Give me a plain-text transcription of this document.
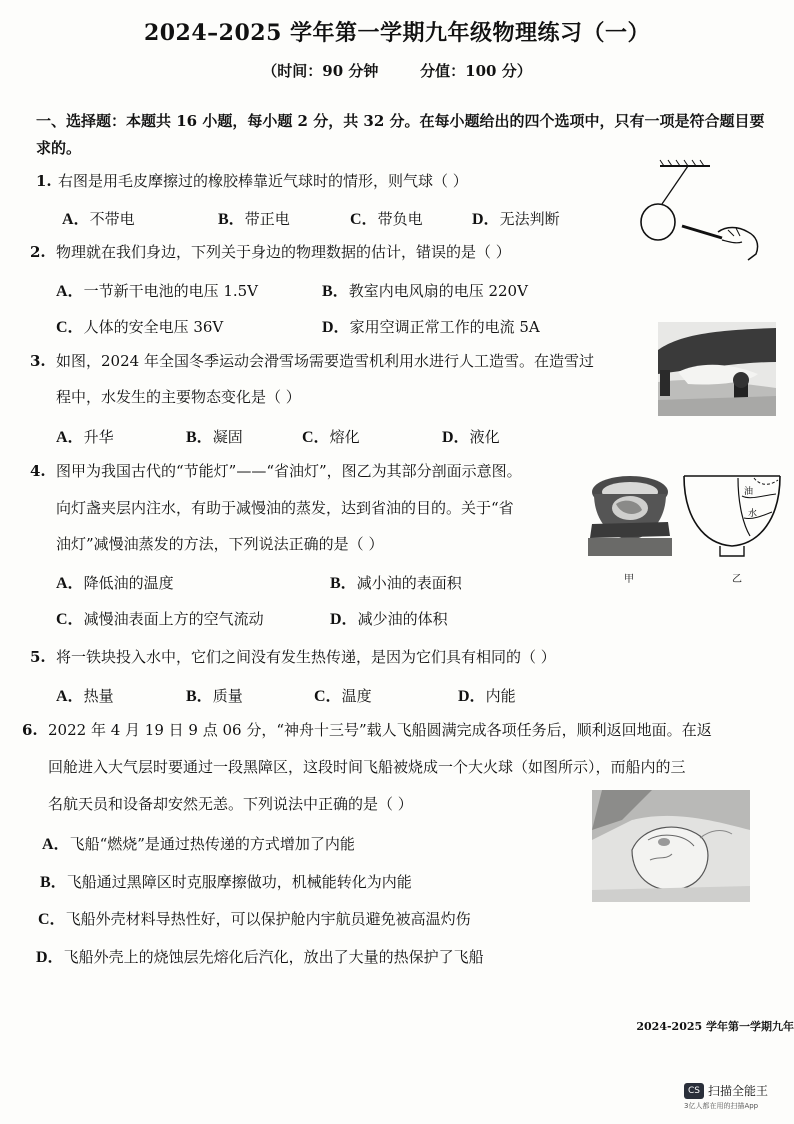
2024–2025 学年第一学期九年级物理练习（一）
（时间：90 分钟        分值：100 分）
一、选择题：本题共 16 小题，每小题 2 分，共 32 分。在每小题给出的四个选项中，只有一项是符合题目要求的。
1. 右图是用毛皮摩擦过的橡胶棒靠近气球时的情形，则气球（ ）
A．不带电	B．带正电	C．带负电	D．无法判断
2. 物理就在我们身边，下列关于身边的物理数据的估计，错误的是（ ）
A．一节新干电池的电压 1.5V	B．教室内电风扇的电压 220V
C．人体的安全电压 36V	D．家用空调正常工作的电流 5A
3. 如图，2024 年全国冬季运动会滑雪场需要造雪机利用水进行人工造雪。在造雪过
程中，水发生的主要物态变化是（ ）
A．升华	B．凝固	C．熔化	D．液化
4. 图甲为我国古代的“节能灯”——“省油灯”，图乙为其部分剖面示意图。
向灯盏夹层内注水，有助于减慢油的蒸发，达到省油的目的。关于“省
油灯”减慢油蒸发的方法，下列说法正确的是（ ）
A．降低油的温度	B．减小油的表面积
C．减慢油表面上方的空气流动	D．减少油的体积
甲
油
水
乙
5. 将一铁块投入水中，它们之间没有发生热传递，是因为它们具有相同的（ ）
A．热量	B．质量	C．温度	D．内能
6. 2022 年 4 月 19 日 9 点 06 分，“神舟十三号”载人飞船圆满完成各项任务后，顺利返回地面。在返
回舱进入大气层时要通过一段黑障区，这段时间飞船被烧成一个大火球（如图所示），而船内的三
名航天员和设备却安然无恙。下列说法中正确的是（ ）
A．飞船“燃烧”是通过热传递的方式增加了内能
B．飞船通过黑障区时克服摩擦做功，机械能转化为内能
C．飞船外壳材料导热性好，可以保护舱内宇航员避免被高温灼伤
D．飞船外壳上的烧蚀层先熔化后汽化，放出了大量的热保护了飞船
2024-2025 学年第一学期九年
CS 扫描全能王
3亿人都在用的扫描App
